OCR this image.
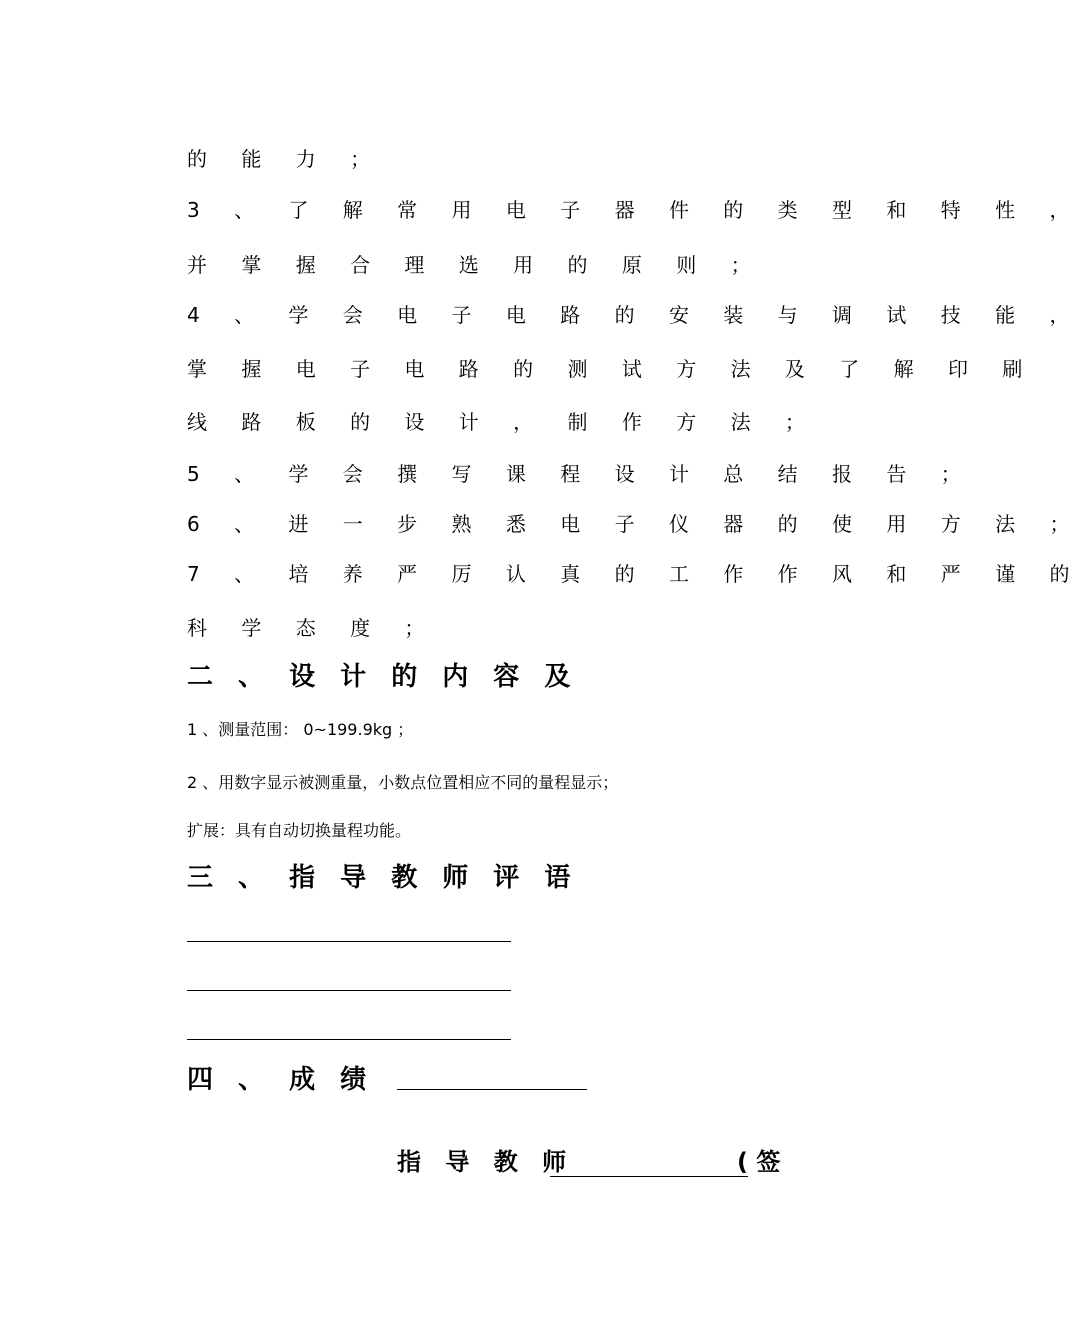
的 能 力 ；
3 、 了 解 常 用 电 子 器 件 的 类 型 和 特 性 ，
并 掌 握 合 理 选 用 的 原 则 ；
4 、 学 会 电 子 电 路 的 安 装 与 调 试 技 能 ，
掌 握 电 子 电 路 的 测 试 方 法 及 了 解 印 刷
线 路 板 的 设 计 ， 制 作 方 法 ；
5 、 学 会 撰 写 课 程 设 计 总 结 报 告 ；
6 、 进 一 步 熟 悉 电 子 仪 器 的 使 用 方 法 ；
7 、 培 养 严 厉 认 真 的 工 作 作 风 和 严 谨 的
科 学 态 度 ；
二 、 设 计 的 内 容 及
1 、测量范围： 0~199.9kg ；
2 、用数字显示被测重量，小数点位置相应不同的量程显示；
扩展：具有自动切换量程功能。
三 、 指 导 教 师 评 语
四 、 成 绩
指 导 教 师	( 签
